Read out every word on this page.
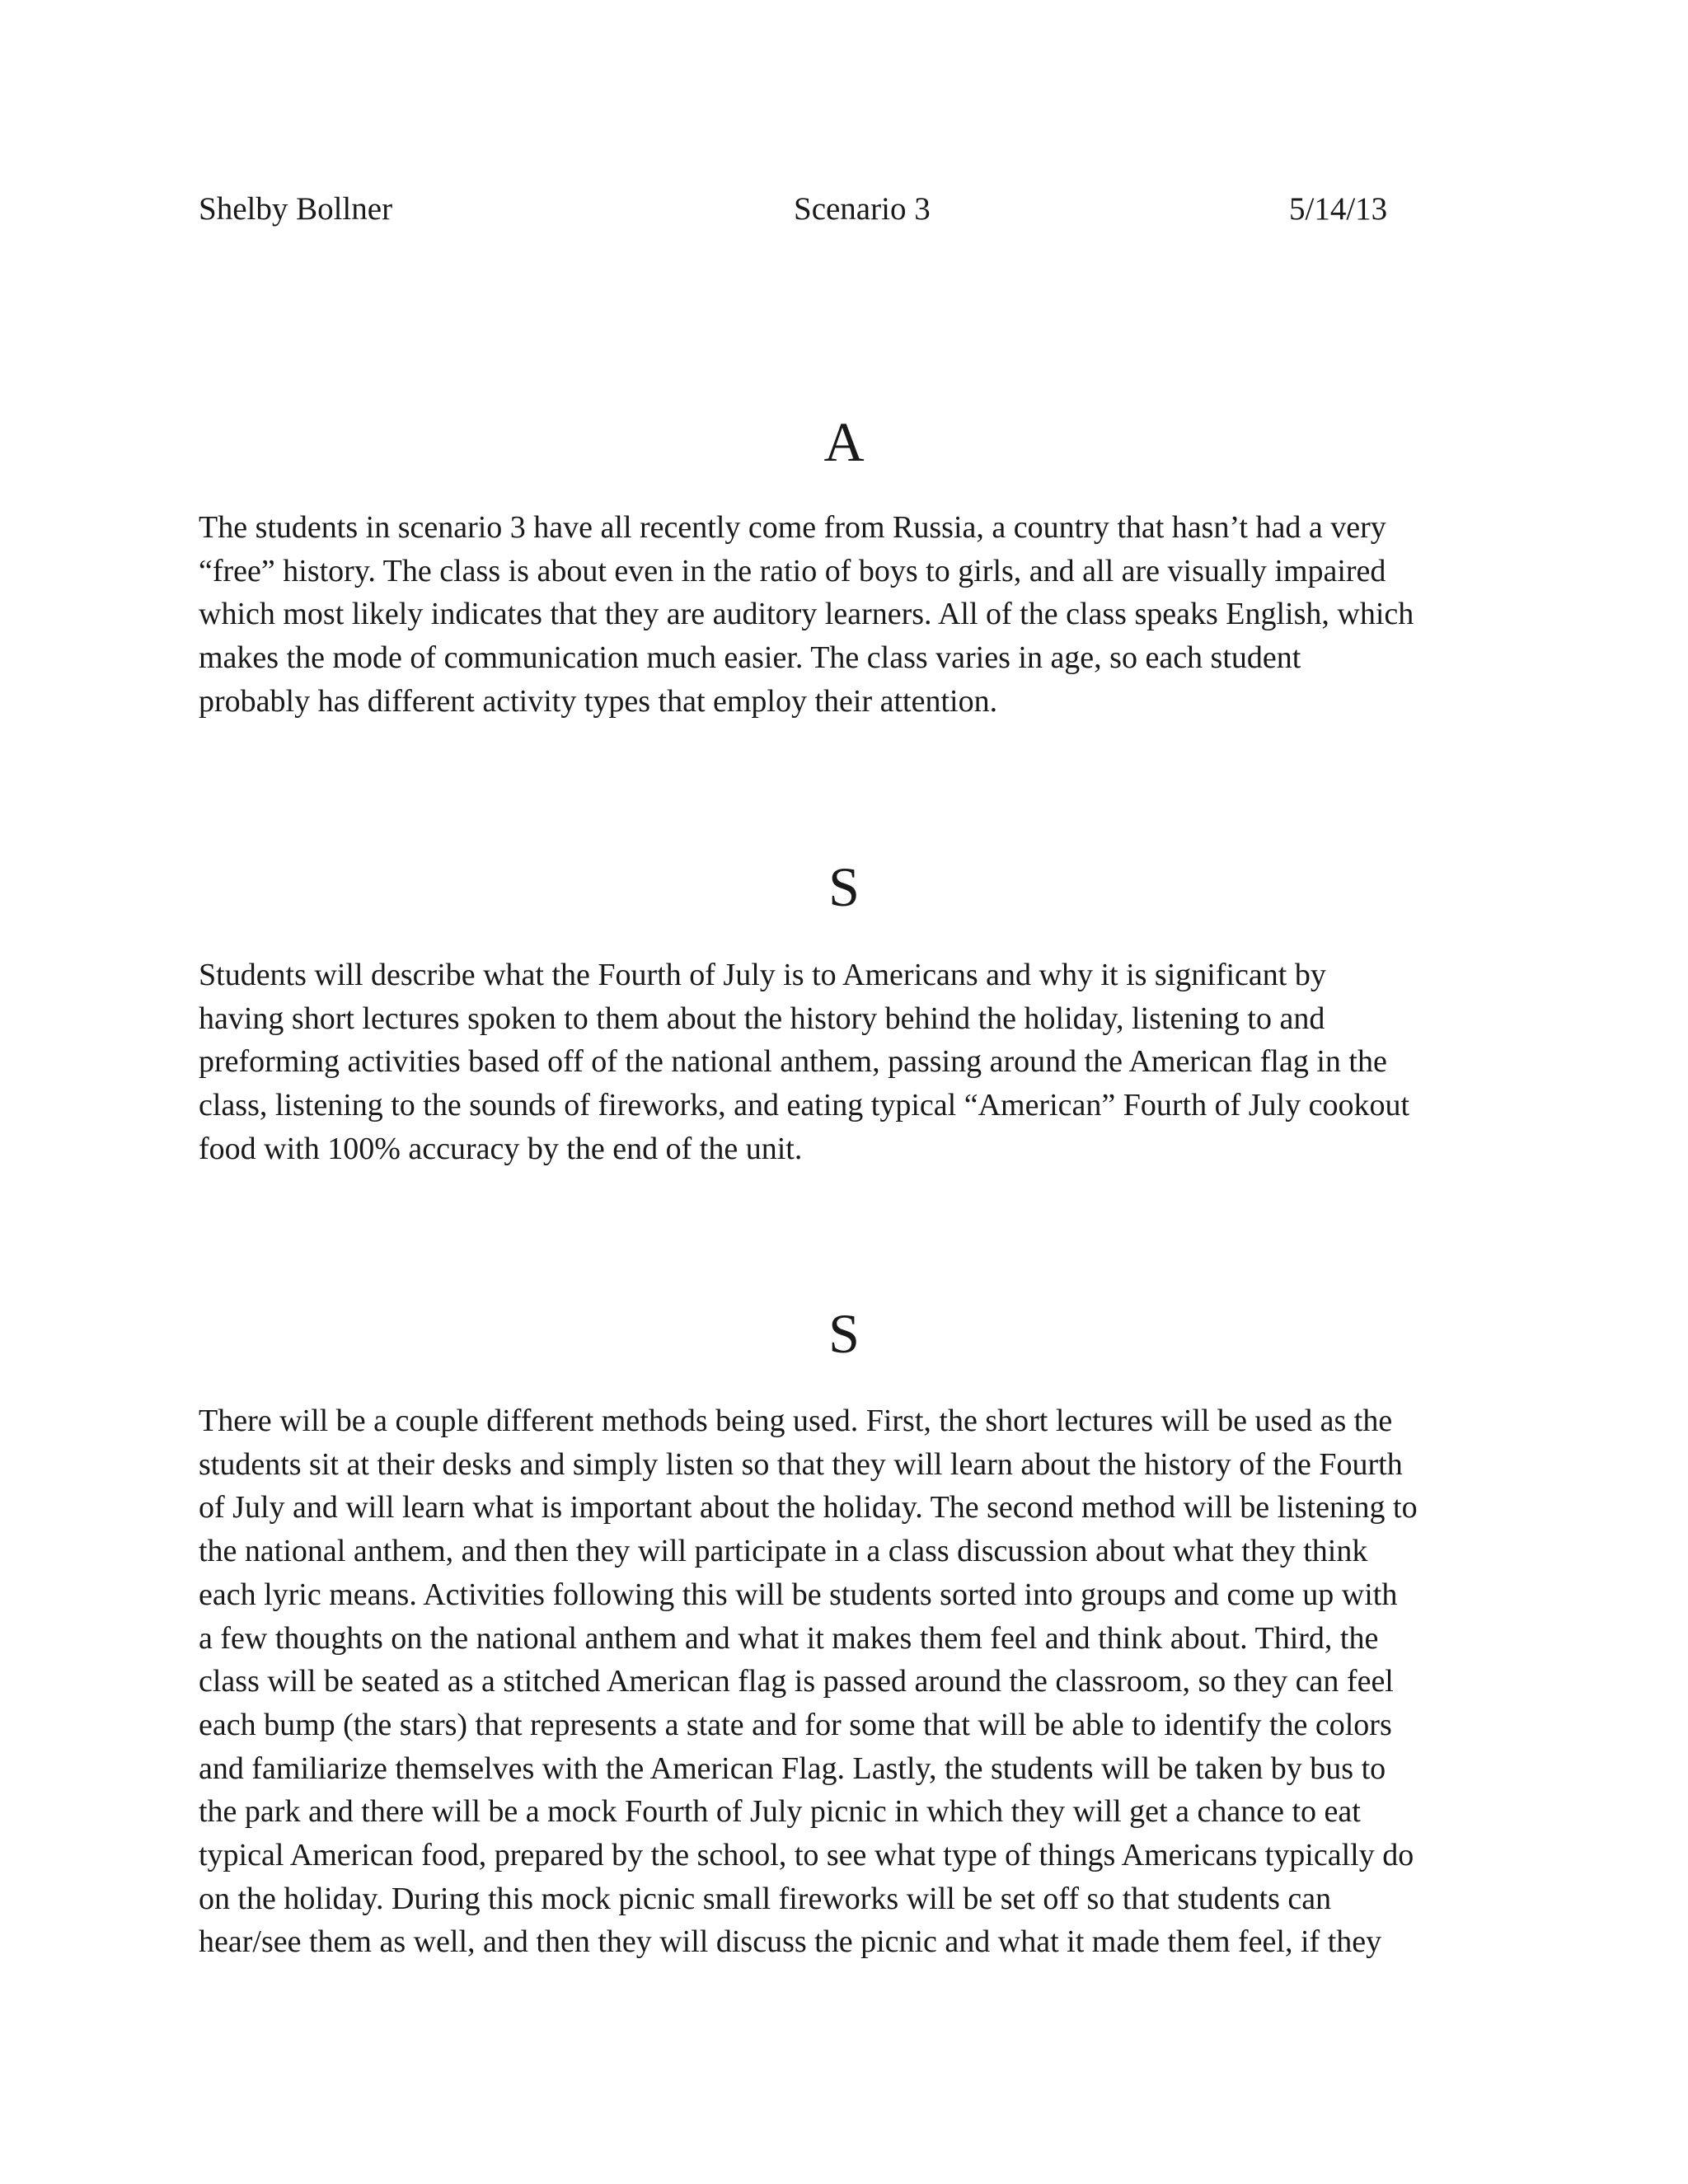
Shelby Bollner	Scenario 3	5/14/13
A
The students in scenario 3 have all recently come from Russia, a country that hasn’t had a very
“free” history. The class is about even in the ratio of boys to girls, and all are visually impaired
which most likely indicates that they are auditory learners. All of the class speaks English, which
makes the mode of communication much easier. The class varies in age, so each student
probably has different activity types that employ their attention.
S
Students will describe what the Fourth of July is to Americans and why it is significant by
having short lectures spoken to them about the history behind the holiday, listening to and
preforming activities based off of the national anthem, passing around the American flag in the
class, listening to the sounds of fireworks, and eating typical “American” Fourth of July cookout
food with 100% accuracy by the end of the unit.
S
There will be a couple different methods being used. First, the short lectures will be used as the
students sit at their desks and simply listen so that they will learn about the history of the Fourth
of July and will learn what is important about the holiday. The second method will be listening to
the national anthem, and then they will participate in a class discussion about what they think
each lyric means. Activities following this will be students sorted into groups and come up with
a few thoughts on the national anthem and what it makes them feel and think about. Third, the
class will be seated as a stitched American flag is passed around the classroom, so they can feel
each bump (the stars) that represents a state and for some that will be able to identify the colors
and familiarize themselves with the American Flag. Lastly, the students will be taken by bus to
the park and there will be a mock Fourth of July picnic in which they will get a chance to eat
typical American food, prepared by the school, to see what type of things Americans typically do
on the holiday. During this mock picnic small fireworks will be set off so that students can
hear/see them as well, and then they will discuss the picnic and what it made them feel, if they
